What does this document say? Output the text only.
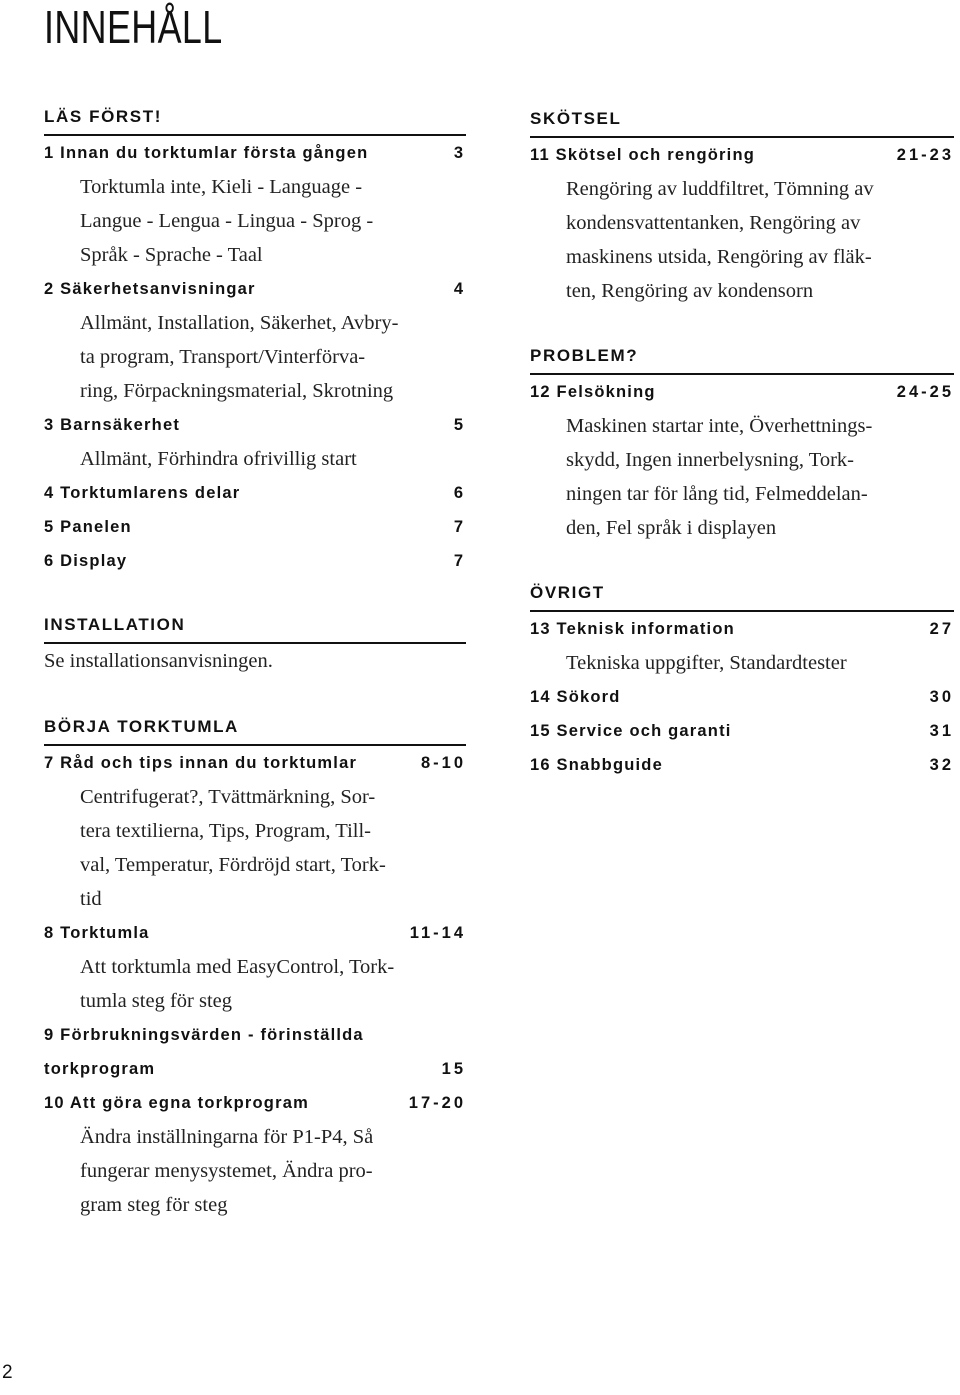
INNEHÅLL
LÄS FÖRST!
1 Innan du torktumlar första gången	3
Torktumla inte, Kieli - Language -
Langue - Lengua - Lingua - Sprog -
Språk - Sprache - Taal
2 Säkerhetsanvisningar	4
Allmänt, Installation, Säkerhet, Avbry-
ta program, Transport/Vinterförva-
ring, Förpackningsmaterial, Skrotning
3 Barnsäkerhet	5
Allmänt, Förhindra ofrivillig start
4 Torktumlarens delar	6
5 Panelen	7
6 Display	7
INSTALLATION
Se installationsanvisningen.
BÖRJA TORKTUMLA
7 Råd och tips innan du torktumlar	8-10
Centrifugerat?, Tvättmärkning, Sor-
tera textilierna, Tips, Program, Till-
val, Temperatur, Fördröjd start, Tork-
tid
8 Torktumla	11-14
Att torktumla med EasyControl, Tork-
tumla steg för steg
9 Förbrukningsvärden - förinställda
torkprogram	15
10 Att göra egna torkprogram	17-20
Ändra inställningarna för P1-P4, Så
fungerar menysystemet, Ändra pro-
gram steg för steg
SKÖTSEL
11 Skötsel och rengöring	21-23
Rengöring av luddfiltret, Tömning av
kondensvattentanken, Rengöring av
maskinens utsida, Rengöring av fläk-
ten, Rengöring av kondensorn
PROBLEM?
12 Felsökning	24-25
Maskinen startar inte, Överhettnings-
skydd, Ingen innerbelysning, Tork-
ningen tar för lång tid, Felmeddelan-
den, Fel språk i displayen
ÖVRIGT
13 Teknisk information	27
Tekniska uppgifter, Standardtester
14 Sökord	30
15 Service och garanti	31
16 Snabbguide	32
2
